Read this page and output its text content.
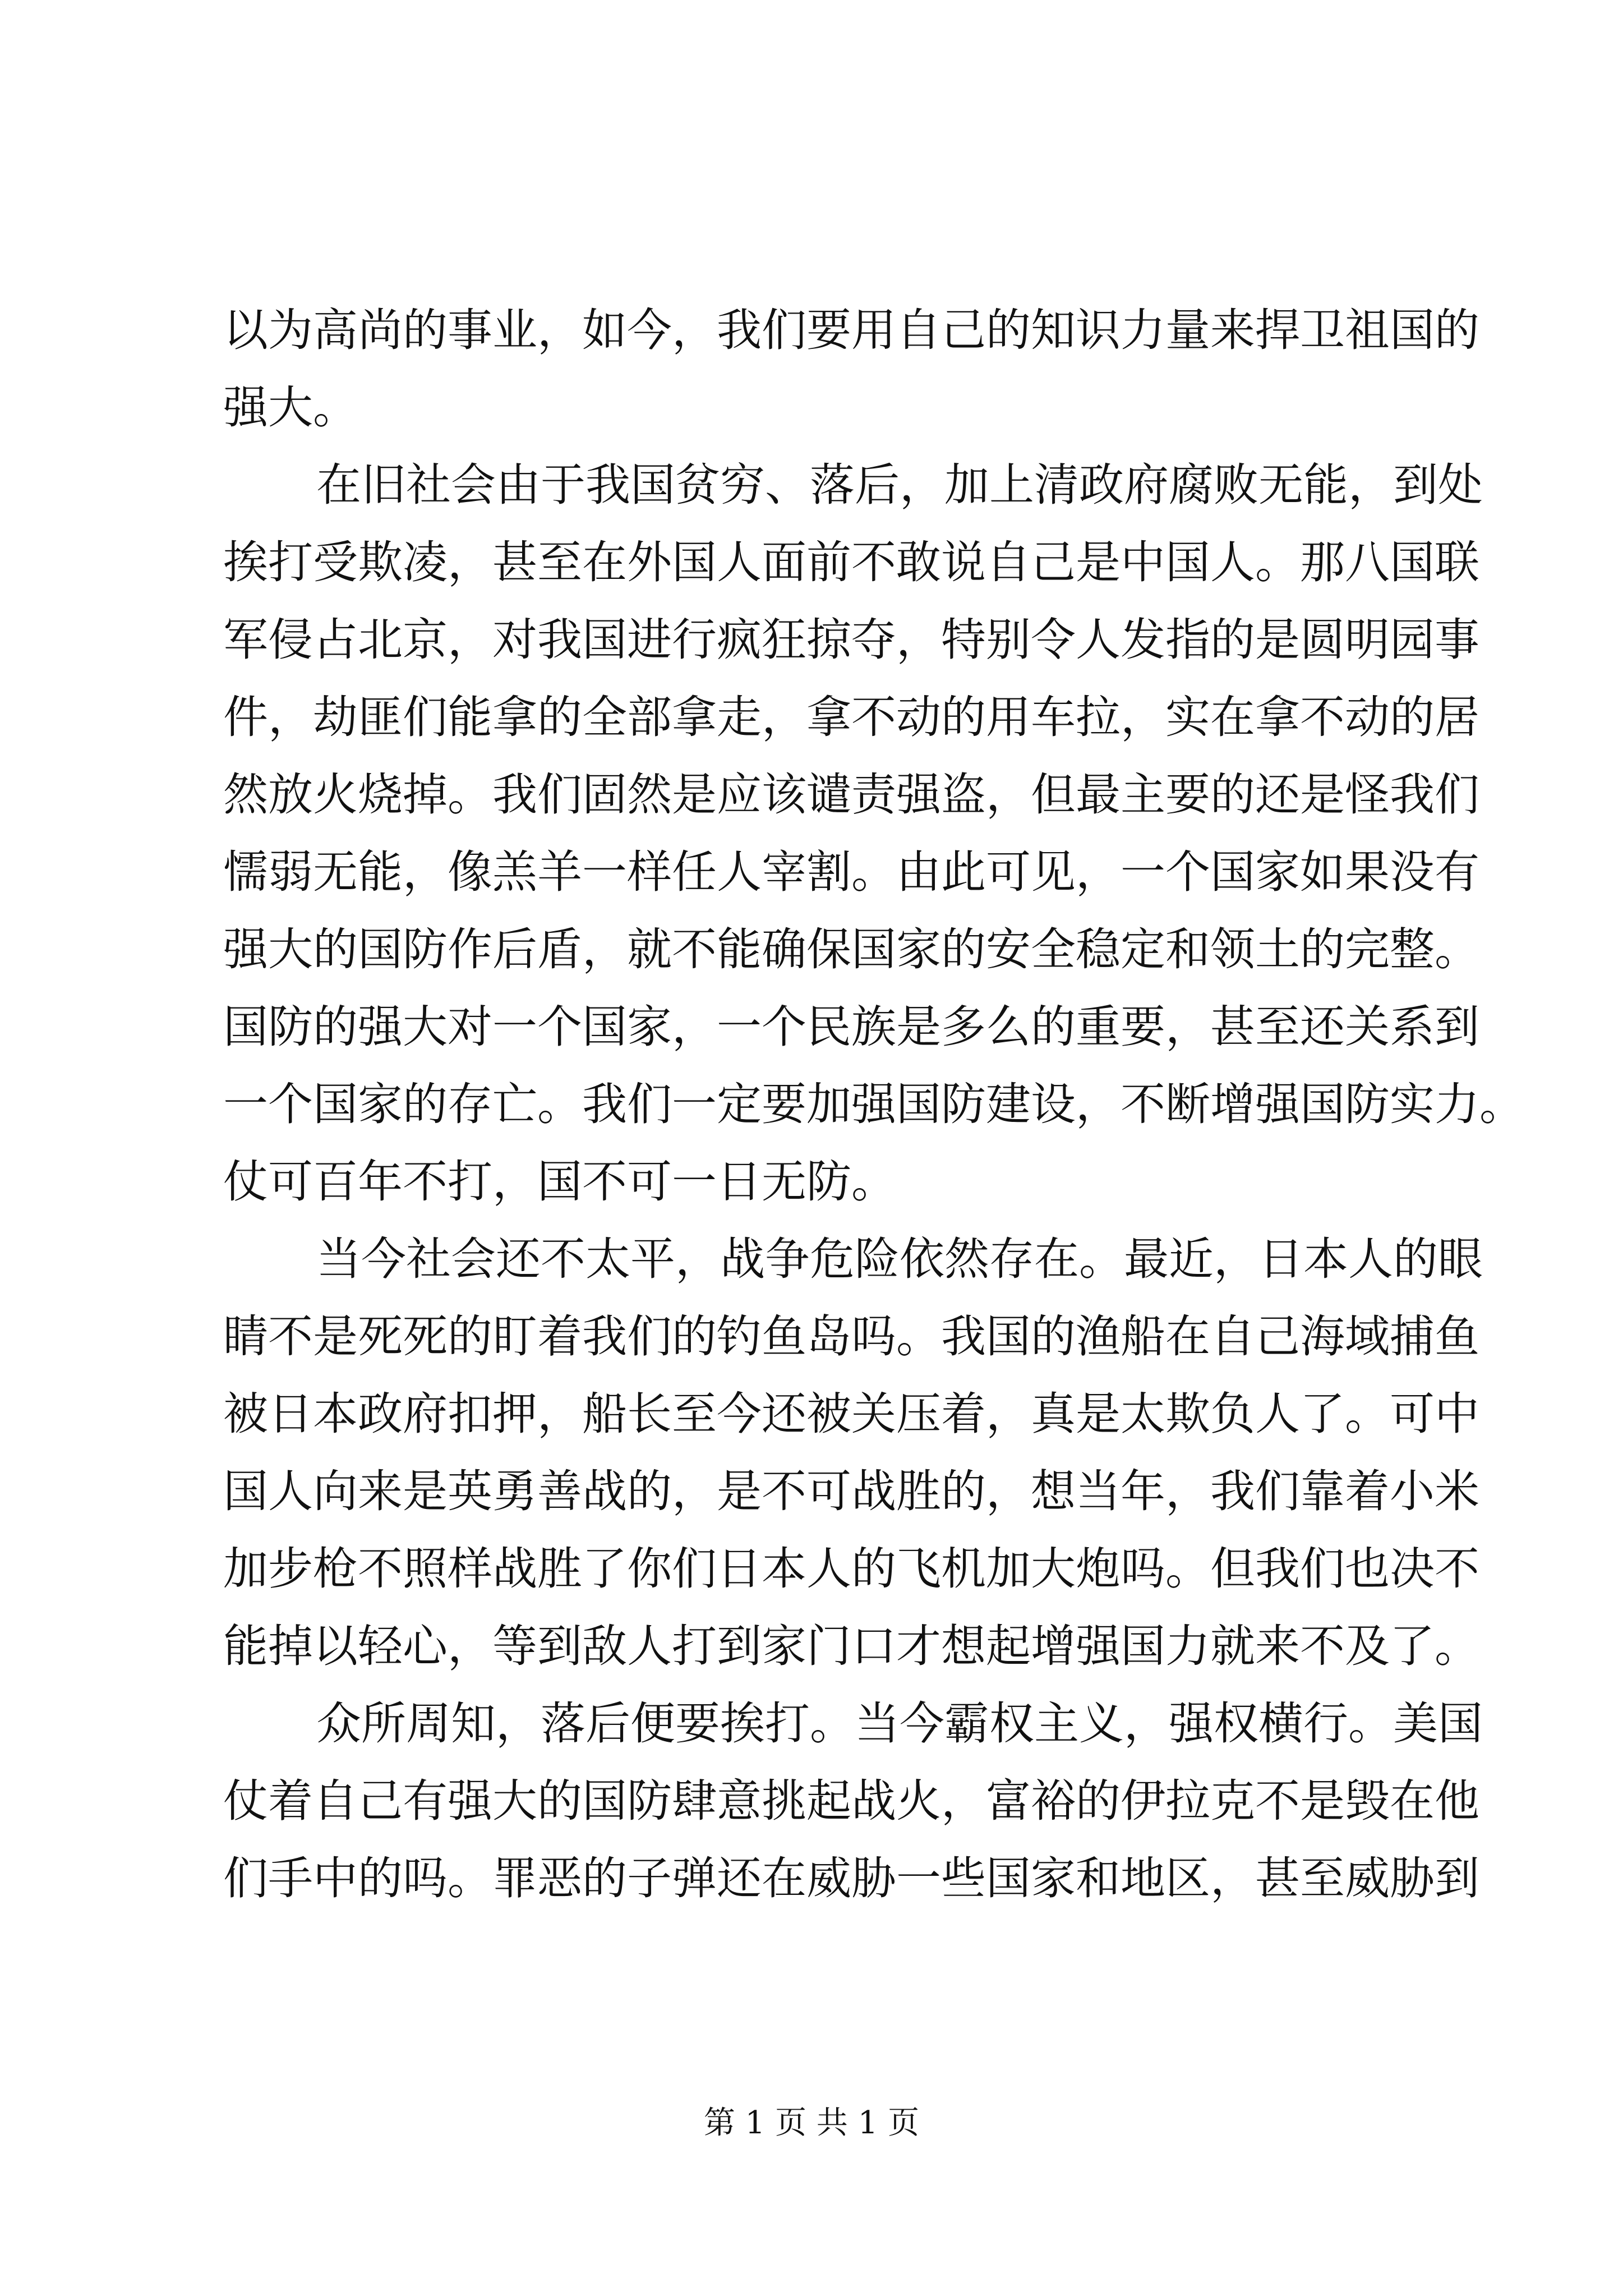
以为高尚的事业，如今，我们要用自己的知识力量来捍卫祖国的
强大。
在旧社会由于我国贫穷、落后，加上清政府腐败无能，到处
挨打受欺凌，甚至在外国人面前不敢说自己是中国人。那八国联
军侵占北京，对我国进行疯狂掠夺，特别令人发指的是圆明园事
件，劫匪们能拿的全部拿走，拿不动的用车拉，实在拿不动的居
然放火烧掉。我们固然是应该谴责强盗，但最主要的还是怪我们
懦弱无能，像羔羊一样任人宰割。由此可见，一个国家如果没有
强大的国防作后盾，就不能确保国家的安全稳定和领土的完整。
国防的强大对一个国家，一个民族是多么的重要，甚至还关系到
一个国家的存亡。我们一定要加强国防建设，不断增强国防实力。
仗可百年不打，国不可一日无防。
当今社会还不太平，战争危险依然存在。最近，日本人的眼
睛不是死死的盯着我们的钓鱼岛吗。我国的渔船在自己海域捕鱼
被日本政府扣押，船长至今还被关压着，真是太欺负人了。可中
国人向来是英勇善战的，是不可战胜的，想当年，我们靠着小米
加步枪不照样战胜了你们日本人的飞机加大炮吗。但我们也决不
能掉以轻心，等到敌人打到家门口才想起增强国力就来不及了。
众所周知，落后便要挨打。当今霸权主义，强权横行。美国
仗着自己有强大的国防肆意挑起战火，富裕的伊拉克不是毁在他
们手中的吗。罪恶的子弹还在威胁一些国家和地区，甚至威胁到
第 1 页 共 1 页
